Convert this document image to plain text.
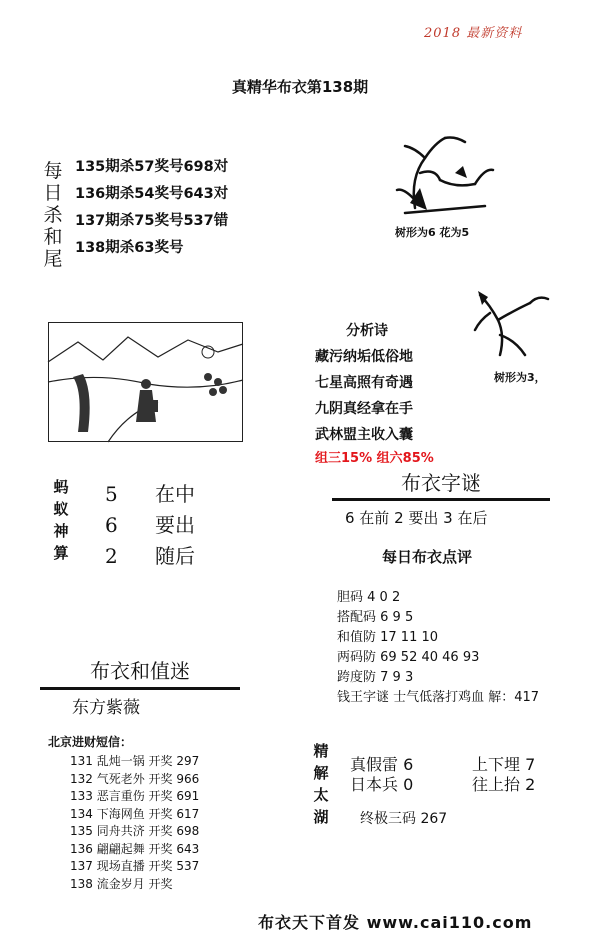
2018 最新资料
真精华布衣第138期
每日杀和尾
135期杀57奖号698对
136期杀54奖号643对
137期杀75奖号537错
138期杀63奖号
树形为6 花为5
树形为3，
分析诗
藏污纳垢低俗地
七星高照有奇遇
九阴真经拿在手
武林盟主收入囊
组三15% 组六85%
蚂蚁神算
5 在中
6 要出
2 随后
布衣字谜
6 在前 2 要出 3 在后
每日布衣点评
胆码 4 0 2
搭配码 6 9 5
和值防 17 11 10
两码防 69 52 40 46 93
跨度防 7 9 3
钱王字谜 士气低落打鸡血 解：417
布衣和值迷
东方紫薇
北京进财短信：
131 乱炖一锅 开奖 297
132 气死老外 开奖 966
133 恶言重伤 开奖 691
134 下海网鱼 开奖 617
135 同舟共济 开奖 698
136 翩翩起舞 开奖 643
137 现场直播 开奖 537
138 流金岁月 开奖
精解太湖
真假雷 6	上下埋 7
日本兵 0	往上抬 2
终极三码 267
布衣天下首发 www.cai110.com
